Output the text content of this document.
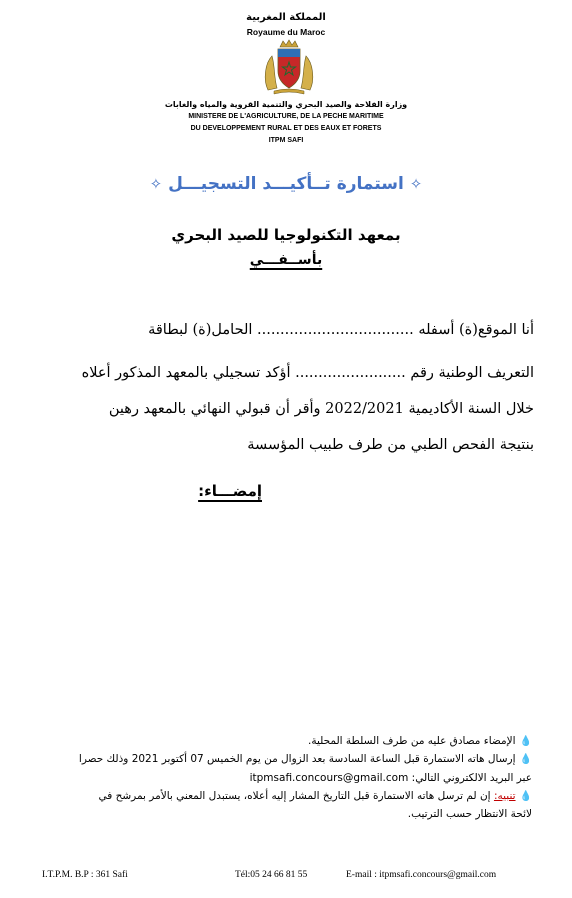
المملكة المغربية
Royaume du Maroc
وزارة الفلاحة والصيد البحري والتنمية القروية والمياه والغابات
MINISTERE DE L'AGRICULTURE, DE LA PECHE MARITIME
DU DEVELOPPEMENT RURAL ET DES EAUX ET FORETS
ITPM SAFI
✧ استمارة تــأكيـــد التسجيـــل ✧
بمعهد التكنولوجيا للصيد البحري
بأســفـــي
أنا الموقع(ة) أسفله .................................. الحامل(ة) لبطاقة
التعريف الوطنية رقم ........................ أؤكد تسجيلي بالمعهد المذكور أعلاه
خلال السنة الأكاديمية 2022/2021 وأقر أن قبولي النهائي بالمعهد رهين
بنتيجة الفحص الطبي من طرف طبيب المؤسسة
إمضـــاء:
💧الإمضاء مصادق عليه من طرف السلطة المحلية.
💧إرسال هاته الاستمارة قبل الساعة السادسة بعد الزوال من يوم الخميس 07 أكتوبر 2021 وذلك حصرا
عبر البريد الالكتروني التالي: itpmsafi.concours@gmail.com
💧تنبيه: إن لم ترسل هاته الاستمارة قبل التاريخ المشار إليه أعلاه، يستبدل المعني بالأمر بمرشح في
لائحة الانتظار حسب الترتيب.
I.T.P.M. B.P : 361 Safi	Tél:05 24 66 81 55	E-mail : itpmsafi.concours@gmail.com
